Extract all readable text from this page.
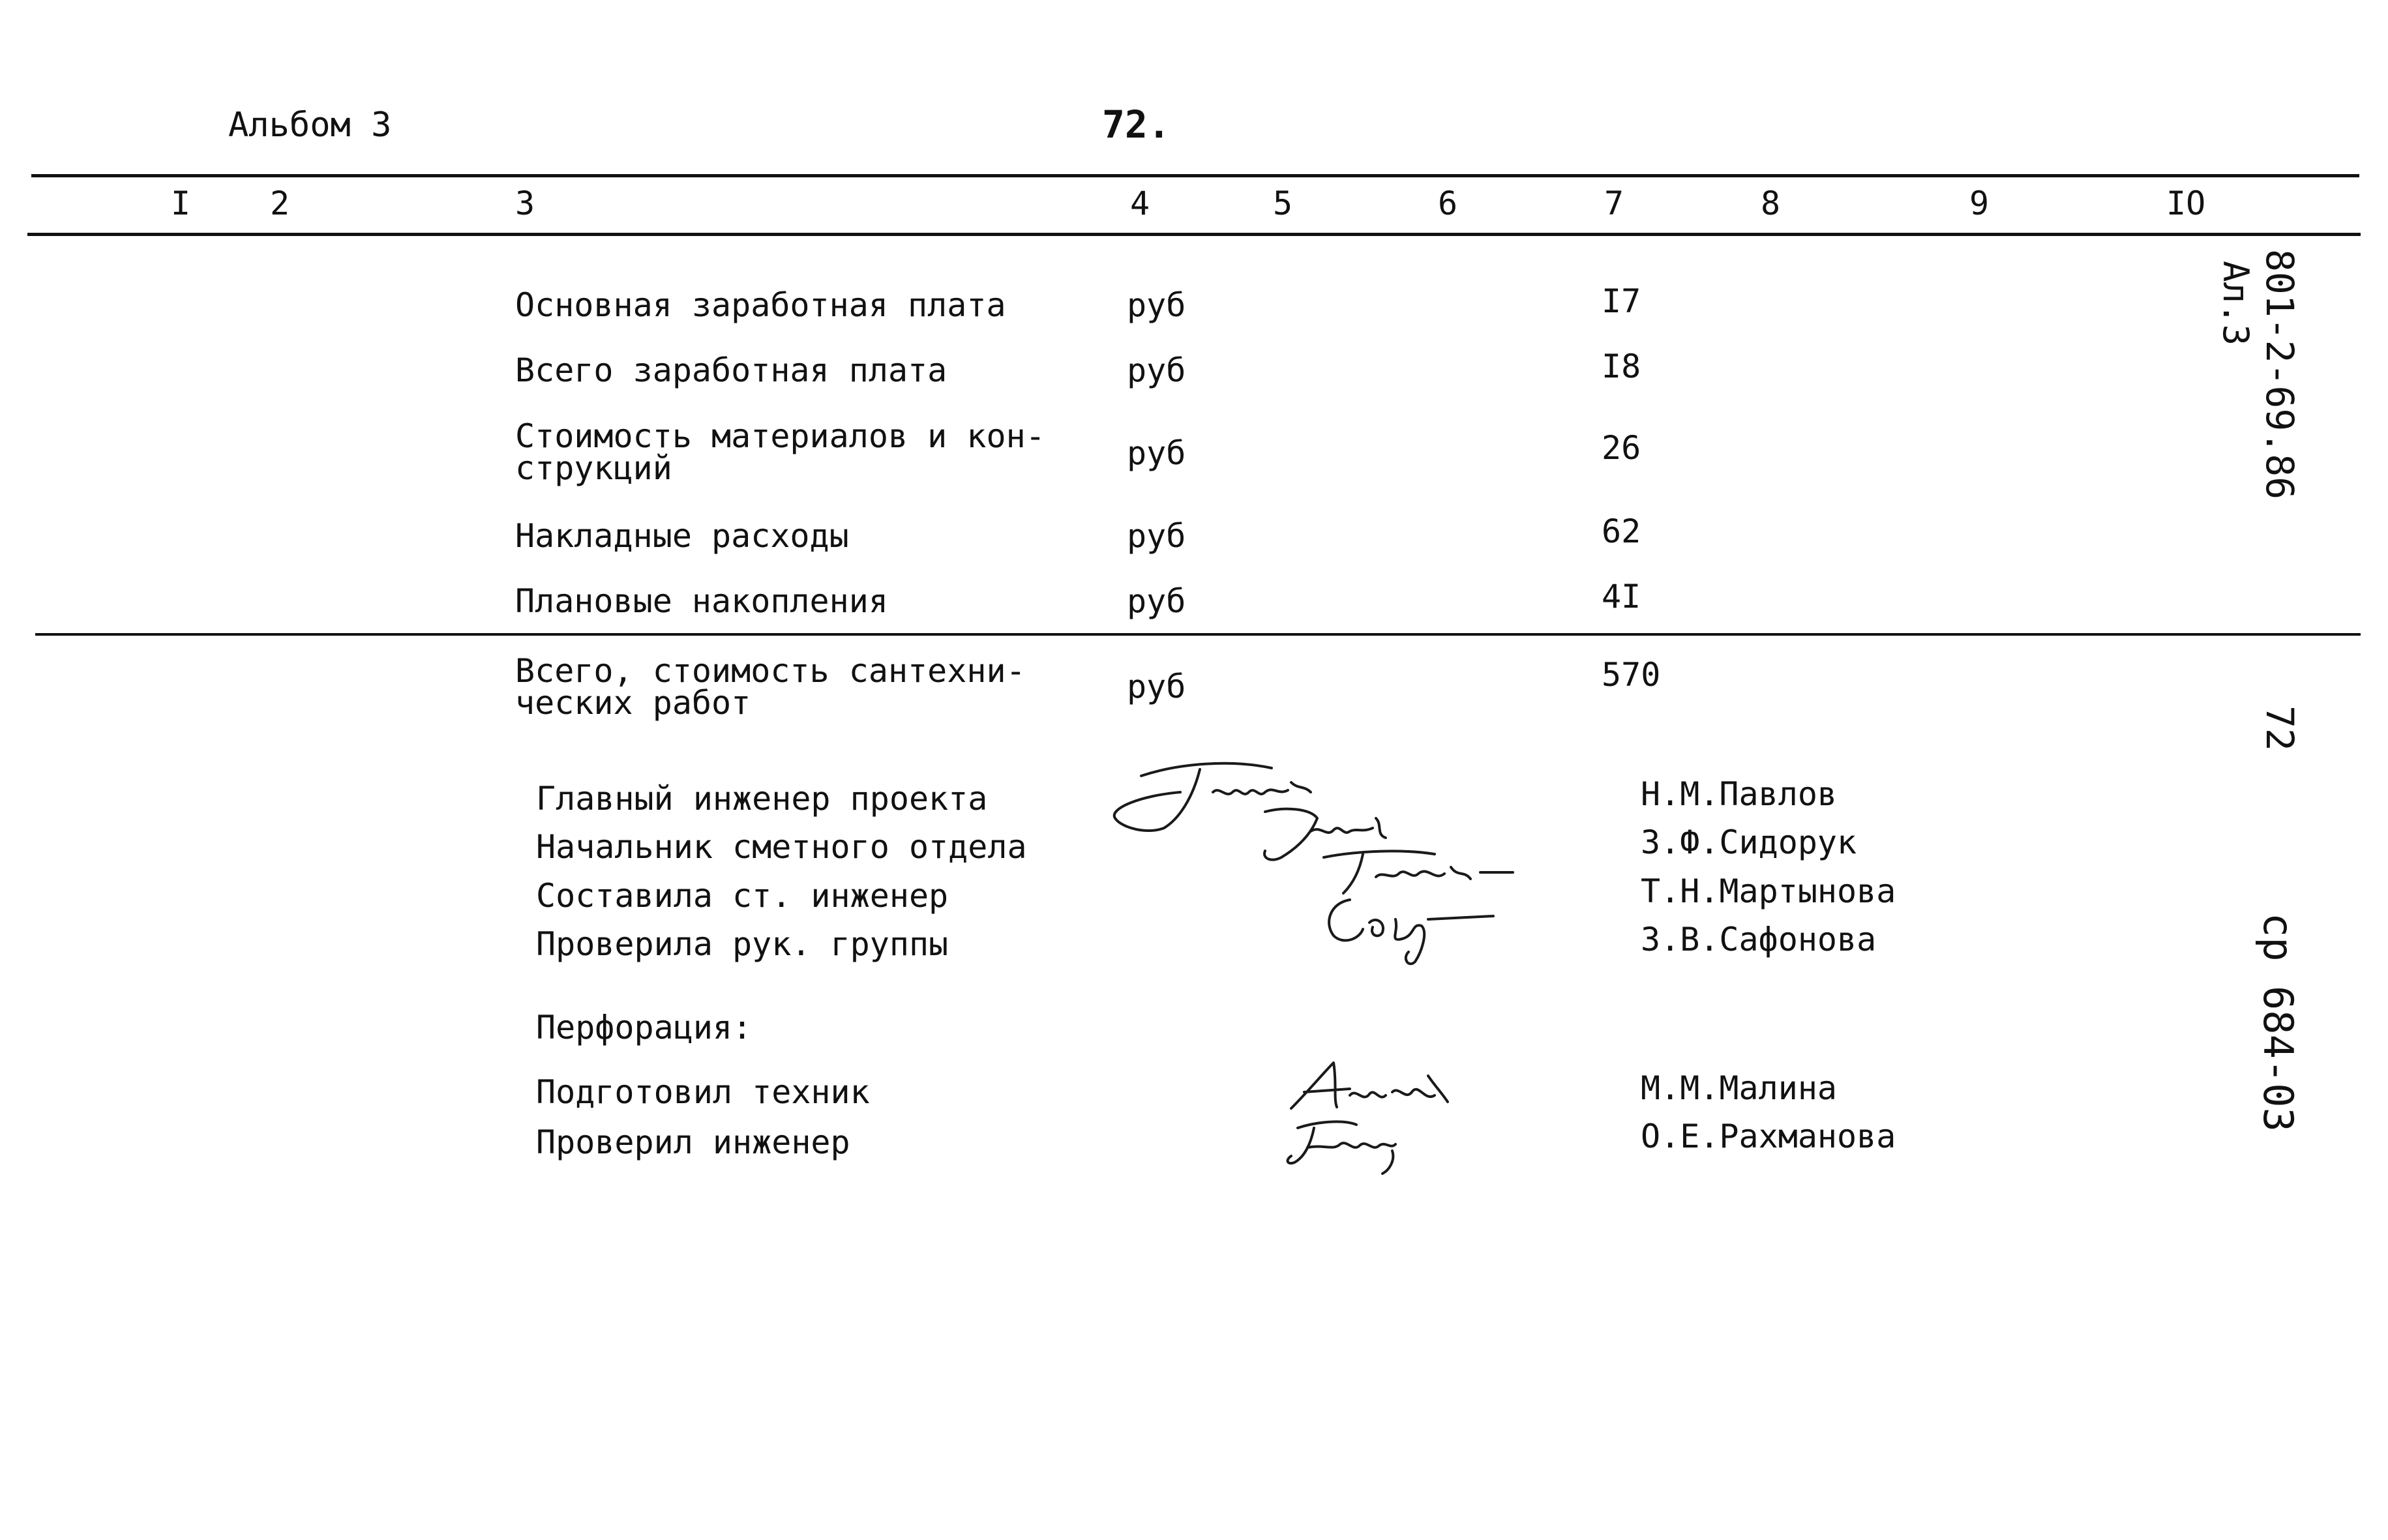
Альбом 3	72.
I 2	3	4	5	6	7	8	9	IO
Основная заработная плата	руб	I7
Всего заработная плата	руб	I8
Стоимость материалов и кон-
струкций	руб	26
Накладные расходы	руб	62
Плановые накопления	руб	4I
Всего, стоимость сантехни-
ческих работ	руб	570
Главный инженер проекта	Н.М.Павлов
Начальник сметного отдела	З.Ф.Сидорук
Составила ст. инженер	Т.Н.Мартынова
Проверила рук. группы	З.В.Сафонова
Перфорация:
Подготовил техник	М.М.Малина
Проверил инженер	О.Е.Рахманова
801-2-69.86
Ал.3
72
ср 684-03
